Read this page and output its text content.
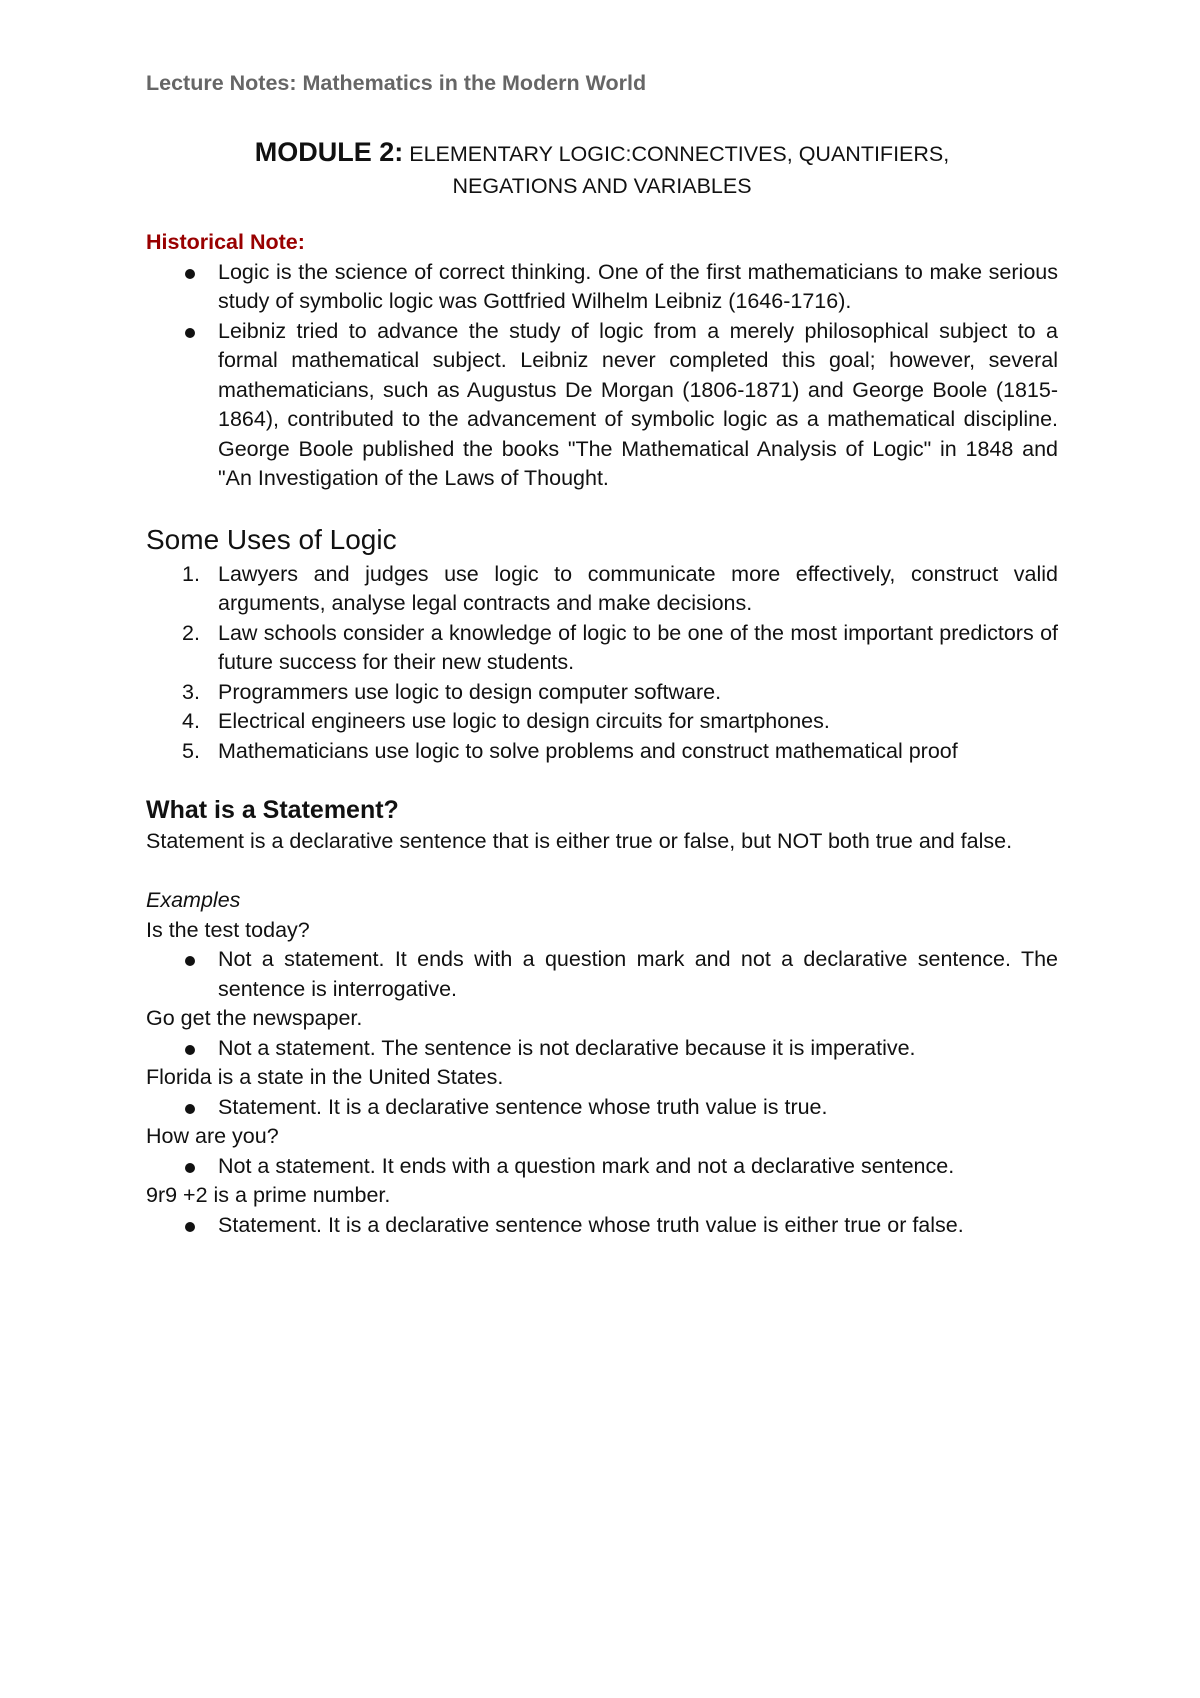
Lecture Notes: Mathematics in the Modern World
MODULE 2: ELEMENTARY LOGIC:CONNECTIVES, QUANTIFIERS,
NEGATIONS AND VARIABLES
Historical Note:
Logic is the science of correct thinking. One of the first mathematicians to make serious study of symbolic logic was Gottfried Wilhelm Leibniz (1646-1716).
Leibniz tried to advance the study of logic from a merely philosophical subject to a formal mathematical subject. Leibniz never completed this goal; however, several mathematicians, such as Augustus De Morgan (1806-1871) and George Boole (1815-1864), contributed to the advancement of symbolic logic as a mathematical discipline. George Boole published the books "The Mathematical Analysis of Logic" in 1848 and "An Investigation of the Laws of Thought.
Some Uses of Logic
Lawyers and judges use logic to communicate more effectively, construct valid arguments, analyse legal contracts and make decisions.
Law schools consider a knowledge of logic to be one of the most important predictors of future success for their new students.
Programmers use logic to design computer software.
Electrical engineers use logic to design circuits for smartphones.
Mathematicians use logic to solve problems and construct mathematical proof
What is a Statement?

Statement is a declarative sentence that is either true or false, but NOT both true and false.

Examples

Is the test today?

Not a statement. It ends with a question mark and not a declarative sentence. The sentence is interrogative.

Go get the newspaper.

Not a statement. The sentence is not declarative because it is imperative.

Florida is a state in the United States.

Statement. It is a declarative sentence whose truth value is true.

How are you?

Not a statement. It ends with a question mark and not a declarative sentence.

9r9 +2 is a prime number.

Statement. It is a declarative sentence whose truth value is either true or false.
